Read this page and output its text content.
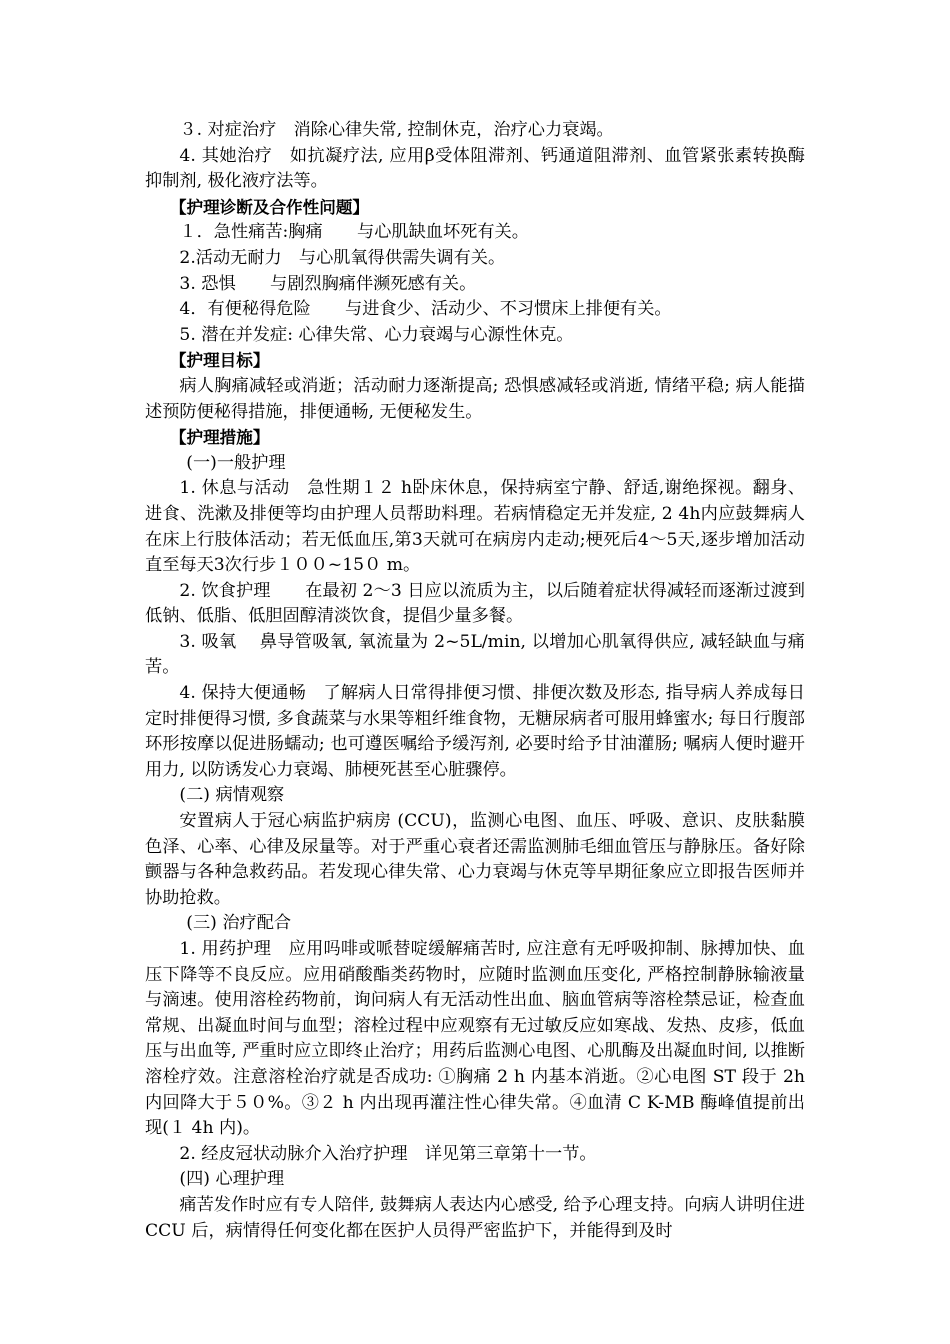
３. 对症治疗　消除心律失常, 控制休克，治疗心力衰竭。

4. 其她治疗　如抗凝疗法, 应用β受体阻滞剂、钙通道阻滞剂、血管紧张素转换酶抑制剂, 极化液疗法等。

【护理诊断及合作性问题】

１．急性痛苦:胸痛　　与心肌缺血坏死有关。

2.活动无耐力　与心肌氧得供需失调有关。

3. 恐惧　　与剧烈胸痛伴濒死感有关。

4．有便秘得危险　　与进食少、活动少、不习惯床上排便有关。

5. 潜在并发症: 心律失常、心力衰竭与心源性休克。

【护理目标】

病人胸痛减轻或消逝；活动耐力逐渐提高; 恐惧感减轻或消逝, 情绪平稳; 病人能描述预防便秘得措施，排便通畅, 无便秘发生。

【护理措施】

(一)一般护理

1. 休息与活动　急性期１２ h卧床休息，保持病室宁静、舒适,谢绝探视。翻身、进食、洗漱及排便等均由护理人员帮助料理。若病情稳定无并发症, 2 4h内应鼓舞病人在床上行肢体活动；若无低血压,第3天就可在病房内走动;梗死后4～5天,逐步增加活动直至每天3次行步１００~15０ m。

2. 饮食护理　　在最初 2～3 日应以流质为主，以后随着症状得减轻而逐渐过渡到低钠、低脂、低胆固醇清淡饮食，提倡少量多餐。

3. 吸氧　 鼻导管吸氧, 氧流量为 2~5L/min, 以增加心肌氧得供应, 减轻缺血与痛苦。

4. 保持大便通畅　了解病人日常得排便习惯、排便次数及形态, 指导病人养成每日定时排便得习惯, 多食蔬菜与水果等粗纤维食物，无糖尿病者可服用蜂蜜水; 每日行腹部环形按摩以促进肠蠕动; 也可遵医嘱给予缓泻剂, 必要时给予甘油灌肠; 嘱病人便时避开用力, 以防诱发心力衰竭、肺梗死甚至心脏骤停。

(二) 病情观察

安置病人于冠心病监护病房 (CCU)，监测心电图、血压、呼吸、意识、皮肤黏膜色泽、心率、心律及尿量等。对于严重心衰者还需监测肺毛细血管压与静脉压。备好除颤器与各种急救药品。若发现心律失常、心力衰竭与休克等早期征象应立即报告医师并协助抢救。

(三) 治疗配合

1. 用药护理　应用吗啡或哌替啶缓解痛苦时, 应注意有无呼吸抑制、脉搏加快、血压下降等不良反应。应用硝酸酯类药物时，应随时监测血压变化, 严格控制静脉输液量与滴速。使用溶栓药物前，询问病人有无活动性出血、脑血管病等溶栓禁忌证，检查血常规、出凝血时间与血型；溶栓过程中应观察有无过敏反应如寒战、发热、皮疹，低血压与出血等, 严重时应立即终止治疗；用药后监测心电图、心肌酶及出凝血时间, 以推断溶栓疗效。注意溶栓治疗就是否成功: ①胸痛 2 h 内基本消逝。②心电图 ST 段于 2h 内回降大于５０%。③２ h 内出现再灌注性心律失常。④血清 C K-MB 酶峰值提前出现(１ 4h 内)。

2. 经皮冠状动脉介入治疗护理　详见第三章第十一节。

(四) 心理护理

痛苦发作时应有专人陪伴, 鼓舞病人表达内心感受, 给予心理支持。向病人讲明住进 CCU 后，病情得任何变化都在医护人员得严密监护下，并能得到及时
